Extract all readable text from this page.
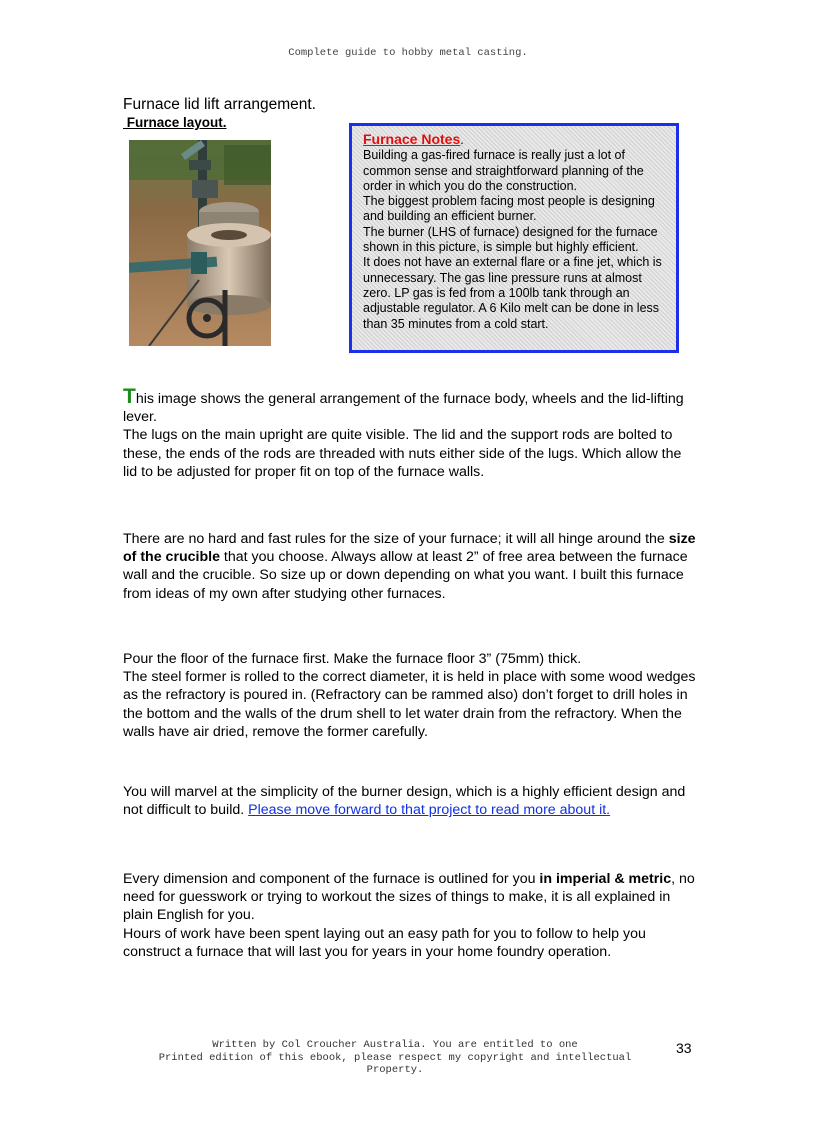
Complete guide to hobby metal casting.
Furnace lid lift arrangement.
Furnace layout.
Furnace Notes.

Building a gas-fired furnace is really just a lot of common sense and straightforward planning of the order in which you do the construction.

The biggest problem facing most people is designing and building an efficient burner.

The burner (LHS of furnace) designed for the furnace shown in this picture, is simple but highly efficient.

It does not have an external flare or a fine jet, which is unnecessary. The gas line pressure runs at almost zero. LP gas is fed from a 100lb tank through an adjustable regulator. A 6 Kilo melt can be done in less than 35 minutes from a cold start.

This image shows the general arrangement of the furnace body, wheels and the lid-lifting lever.

The lugs on the main upright are quite visible. The lid and the support rods are bolted to these, the ends of the rods are threaded with nuts either side of the lugs. Which allow the lid to be adjusted for proper fit on top of the furnace walls.

There are no hard and fast rules for the size of your furnace; it will all hinge around the size of the crucible that you choose. Always allow at least 2” of free area between the furnace wall and the crucible. So size up or down depending on what you want. I built this furnace from ideas of my own after studying other furnaces.

Pour the floor of the furnace first. Make the furnace floor 3” (75mm) thick.

The steel former is rolled to the correct diameter, it is held in place with some wood wedges as the refractory is poured in. (Refractory can be rammed also) don’t forget to drill holes in the bottom and the walls of the drum shell to let water drain from the refractory. When the walls have air dried, remove the former carefully.

You will marvel at the simplicity of the burner design, which is a highly efficient design and not difficult to build. Please move forward to that project to read more about it.

Every dimension and component of the furnace is outlined for you in imperial & metric, no need for guesswork or trying to workout the sizes of things to make, it is all explained in plain English for you.

Hours of work have been spent laying out an easy path for you to follow to help you construct a furnace that will last you for years in your home foundry operation.

Written by Col Croucher Australia. You are entitled to one
Printed edition of this ebook, please respect my copyright and intellectual
Property.
33
